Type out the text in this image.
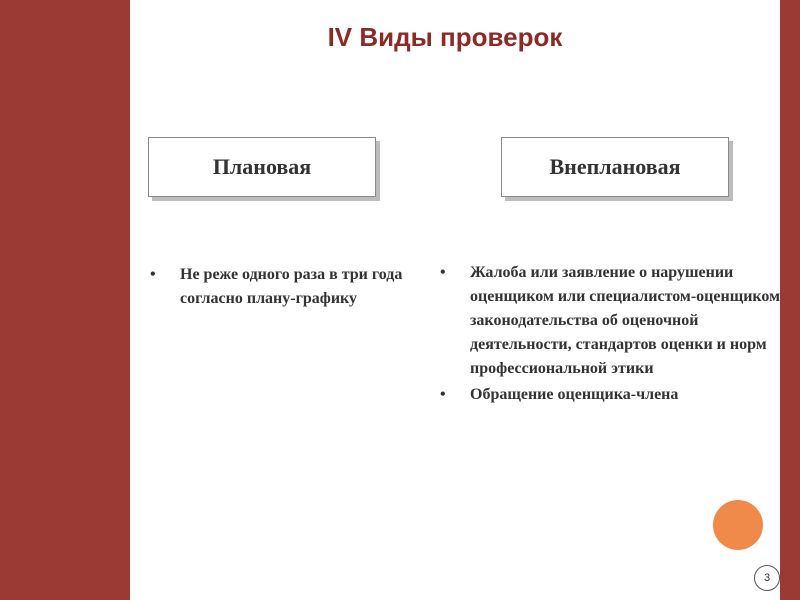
IV Виды проверок
Плановая	Внеплановая
• Не реже одного раза в три года согласно плану-графику
• Жалоба или заявление о нарушении оценщиком или специалистом-оценщиком законодательства об оценочной деятельности, стандартов оценки и норм профессиональной этики
• Обращение оценщика-члена
3
